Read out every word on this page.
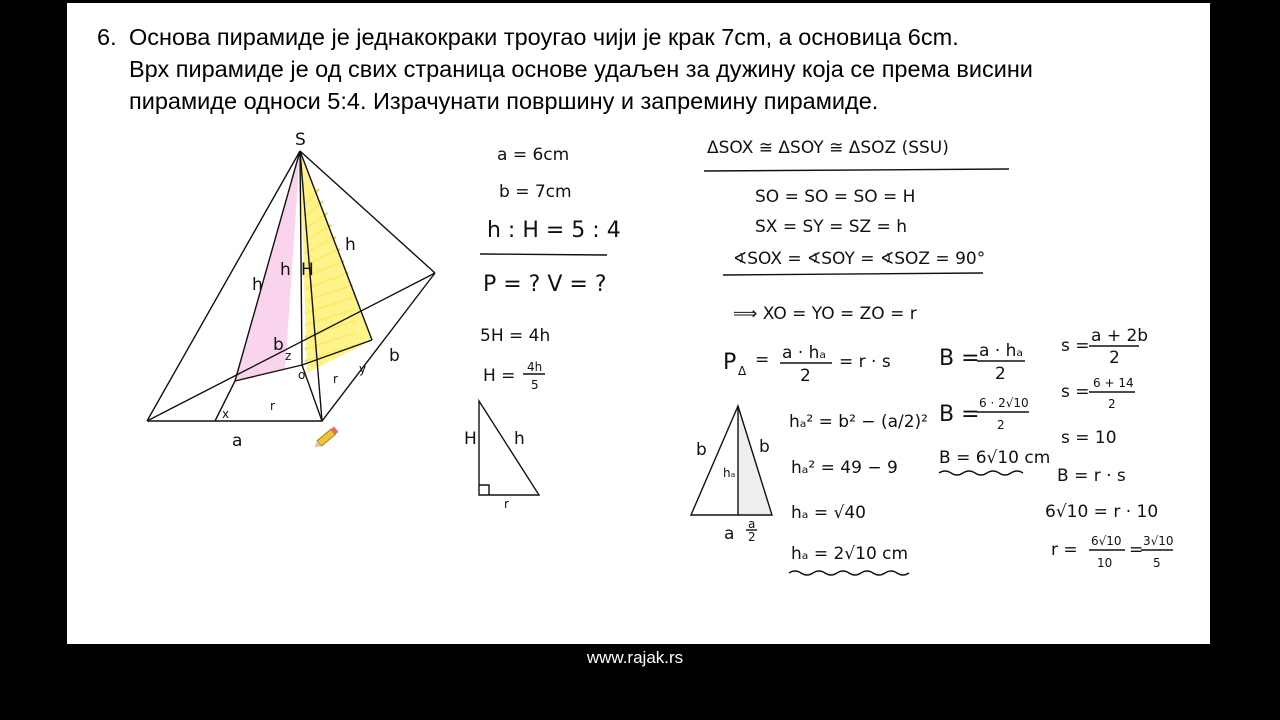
6. Основа пирамиде је једнакокраки троугао чији је крак 7cm, а основица 6cm.
Врх пирамиде је од свих страница основе удаљен за дужину која се према висини
пирамиде односи 5:4. Израчунати површину и запремину пирамиде.
S
h
h H
h
b
b
r
r
x
y
z
o
a
a = 6cm
b = 7cm
h : H = 5 : 4
P = ? V = ?
5H = 4h
H = 4h
5
H h
r
ΔSOX ≅ ΔSOY ≅ ΔSOZ (SSU)
SO = SO = SO = H
SX = SY = SZ = h
∢SOX = ∢SOY = ∢SOZ = 90°
⟹ XO = YO = ZO = r
P Δ
= a · hₐ
2
= r · s
b	b
hₐ
a a
2
hₐ² = b² − (a/2)²
hₐ² = 49 − 9
hₐ = √40
hₐ = 2√10 cm
B = a · hₐ
2
B = 6 · 2√10
2
B = 6√10 cm
s = a + 2b
2
s = 6 + 14
2
s = 10
B = r · s
6√10 = r · 10
r = 6√10
10
= 3√10
5
www.rajak.rs
